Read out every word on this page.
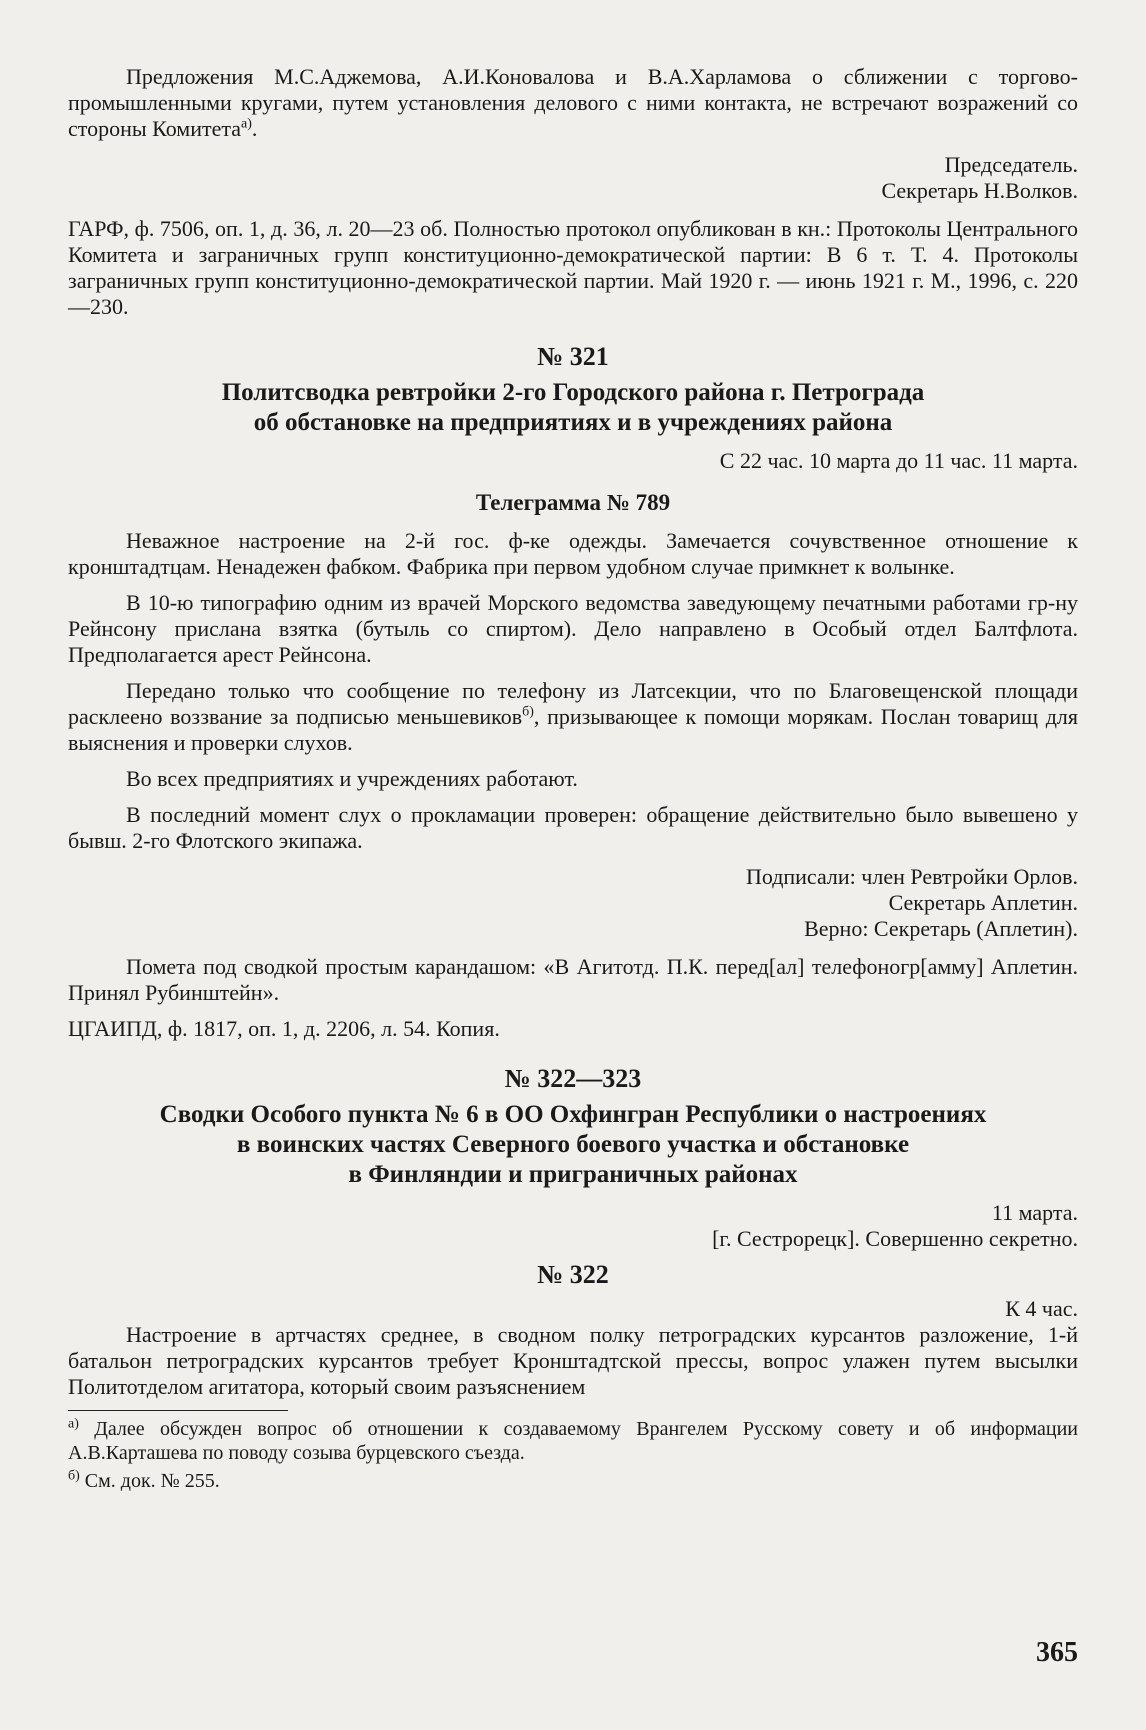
Предложения М.С.Аджемова, А.И.Коновалова и В.А.Харламова о сближении с торгово-промышленными кругами, путем установления делового с ними контакта, не встречают возражений со стороны Комитета$^{а)}$.

Председатель.

Секретарь Н.Волков.

ГАРФ, ф. 7506, оп. 1, д. 36, л. 20—23 об. Полностью протокол опубликован в кн.: Протоколы Центрального Комитета и заграничных групп конституционно-демократической партии: В 6 т. Т. 4. Протоколы заграничных групп конституционно-демократической партии. Май 1920 г. — июнь 1921 г. М., 1996, с. 220—230.

№ 321
Политсводка ревтройки 2-го Городского района г. Петрограда
об обстановке на предприятиях и в учреждениях района

С 22 час. 10 марта до 11 час. 11 марта.

Телеграмма № 789

Неважное настроение на 2-й гос. ф-ке одежды. Замечается сочувственное отношение к кронштадтцам. Ненадежен фабком. Фабрика при первом удобном случае примкнет к волынке.

В 10-ю типографию одним из врачей Морского ведомства заведующему печатными работами гр-ну Рейнсону прислана взятка (бутыль со спиртом). Дело направлено в Особый отдел Балтфлота. Предполагается арест Рейнсона.

Передано только что сообщение по телефону из Латсекции, что по Благовещенской площади расклеено воззвание за подписью меньшевиков$^{б)}$, призывающее к помощи морякам. Послан товарищ для выяснения и проверки слухов.

Во всех предприятиях и учреждениях работают.

В последний момент слух о прокламации проверен: обращение действительно было вывешено у бывш. 2-го Флотского экипажа.

Подписали: член Ревтройки Орлов.

Секретарь Аплетин.

Верно: Секретарь (Аплетин).

Помета под сводкой простым карандашом: «В Агитотд. П.К. перед[ал] телефоногр[амму] Аплетин. Принял Рубинштейн».

ЦГАИПД, ф. 1817, оп. 1, д. 2206, л. 54. Копия.

№ 322—323
Сводки Особого пункта № 6 в ОО Охфингран Республики о настроениях
в воинских частях Северного боевого участка и обстановке
в Финляндии и приграничных районах

11 марта.

[г. Сестрорецк]. Совершенно секретно.

№ 322

К 4 час.

Настроение в артчастях среднее, в сводном полку петроградских курсантов разложение, 1-й батальон петроградских курсантов требует Кронштадтской прессы, вопрос улажен путем высылки Политотделом агитатора, который своим разъяснением

$^{а)}$ Далее обсужден вопрос об отношении к создаваемому Врангелем Русскому совету и об информации А.В.Карташева по поводу созыва бурцевского съезда.

$^{б)}$ См. док. № 255.

365
